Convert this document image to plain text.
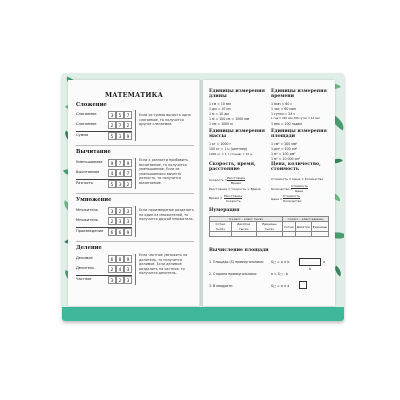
МАТЕМАТИКА
Сложение
Слагаемое	3	5	7
Слагаемое	2	7	2
Сумма	5	3	9
Если из суммы вычесть одно слагаемое, то получится другое слагаемое.
Вычитание
Уменьшаемое	9	7	9
Вычитаемое	4	4	7
Разность	5	3	2
Если к разности прибавить вычитаемое, то получится уменьшаемое. Если из уменьшаемого вычесть разность, то получится вычитаемое.
Умножение
Множитель	3	2	3
Множитель	2	3	3
Произведение	6	6	9
Если произведение разделить на один из множителей, то получится другой множитель.
Деление
Делимое	6	8	9
Делитель	2	4	3
Частное	3	2	3
Если частное умножить на делитель, то получится делимое. Если делимое разделить на частное, то получится делитель.
Единицы измерения длины
1 см = 10 мм
1 дм = 10 см
1 м = 10 дм
1 м = 100 см = 1000 мм
1 км = 1000 м
Единицы измерения времени
1 мин = 60 с
1 час = 60 мин
1 сутки = 24 ч
1 год = 365 или 366 суток = 12 мес
1 век = 100 годам
Единицы измерения массы
1 кг = 1000 г
100 кг = 1 ц (центнер)
1000 кг = 1 т (тонна) = 10 ц
Единицы измерения площади
1 см² = 100 мм²
1 дм² = 100 см²
1 м² = 100 дм²
1 м² = 10 000 см²
Скорость, время, расстояние
Скорость = Расстояние
Время
Расстояние = Скорость × Время
Время = Расстояние
Скорость
Цена, количество, стоимость
Стоимость = Цена × Количество
Количество =
Стоимость
Цена
Цена =
Стоимость
Количество
Нумерация
II класс – класс тысяч			I класс – класс единиц		
Сотни тысяч	Десятки тысяч	Единицы тысяч	Сотни	Десятки	Единицы

Вычисление площади
1. Площадь (S) прямоугольника: S□ = a × b	a
b
2. Сторона прямоугольника:	a = S□ : b
3. В квадрате:	S□ = a × a
